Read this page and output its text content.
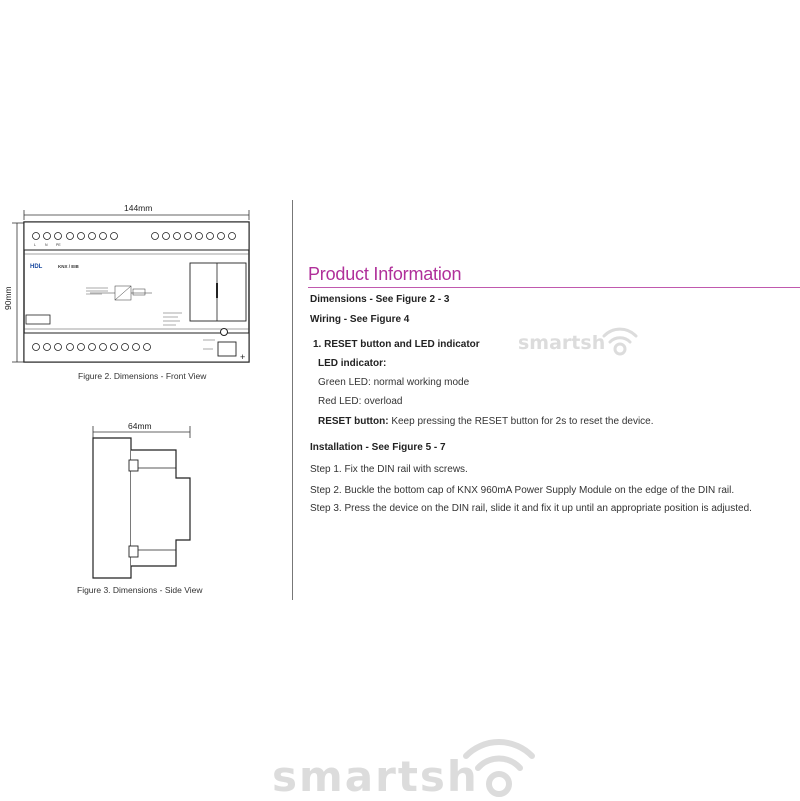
144mm
90mm
L	N PE
HDL	KNX / EIB
+
Figure 2. Dimensions - Front View
64mm
Figure 3. Dimensions - Side View
Product Information
Dimensions - See Figure 2 - 3
Wiring - See Figure 4
1. RESET button and LED indicator
LED indicator:
Green LED: normal working mode
Red LED: overload
RESET button: Keep pressing the RESET button for 2s to reset the device.
Installation - See Figure 5 - 7
Step 1. Fix the DIN rail with screws.
Step 2. Buckle the bottom cap of KNX 960mA Power Supply Module on the edge of the DIN rail.
Step 3. Press the device on the DIN rail, slide it and fix it up until an appropriate position is adjusted.
smartsh
smartsh
